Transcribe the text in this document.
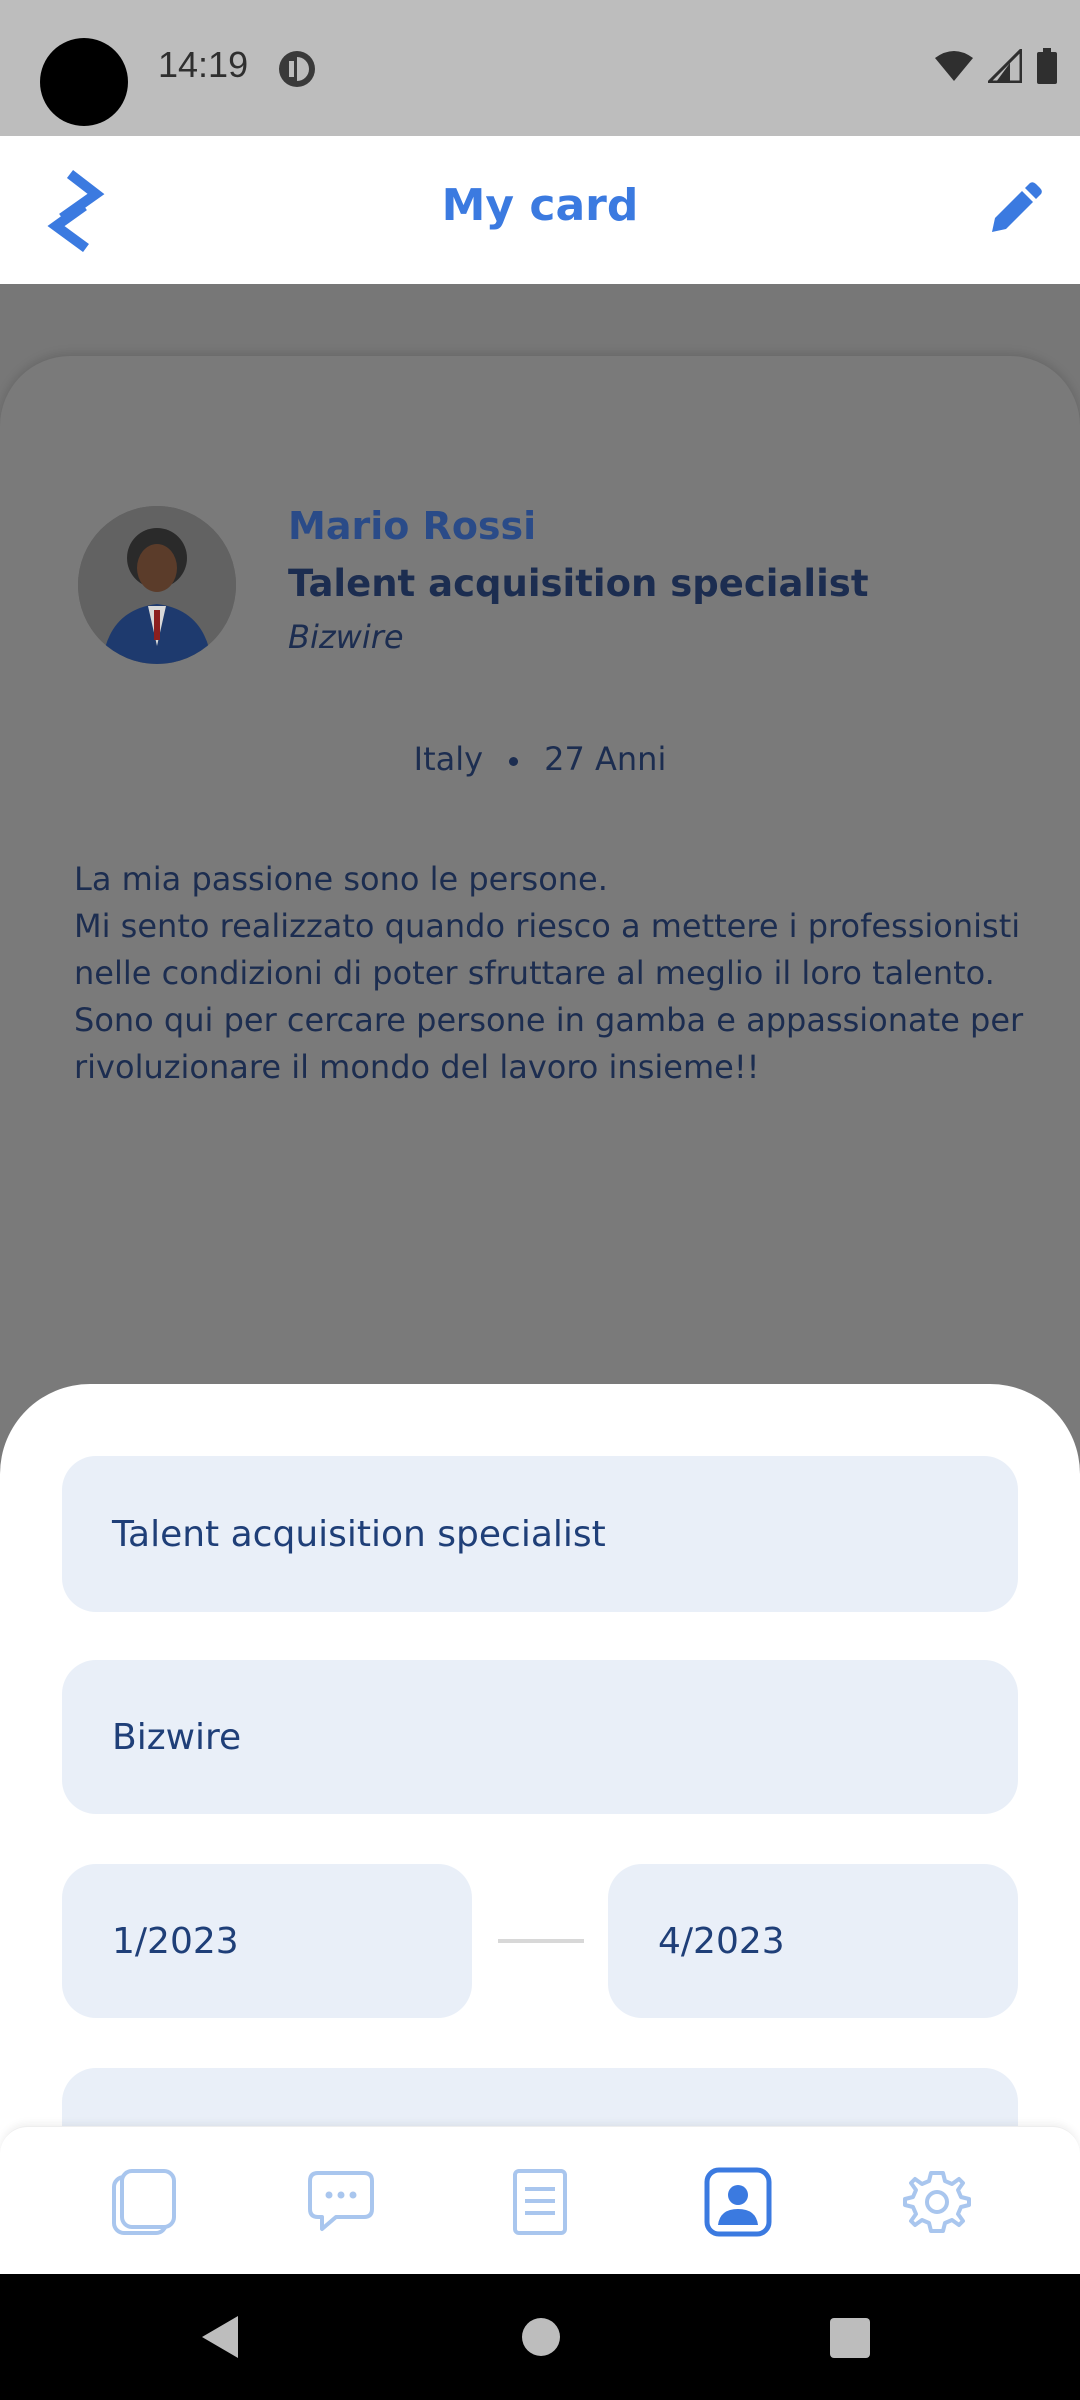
14:19
My card
Mario Rossi
Talent acquisition specialist
Bizwire
Italy 27 Anni
La mia passione sono le persone.
Mi sento realizzato quando riesco a mettere i professionisti nelle condizioni di poter sfruttare al meglio il loro talento.
Sono qui per cercare persone in gamba e appassionate per rivoluzionare il mondo del lavoro insieme!!
Talent acquisition specialist
Bizwire
1/2023	4/2023
